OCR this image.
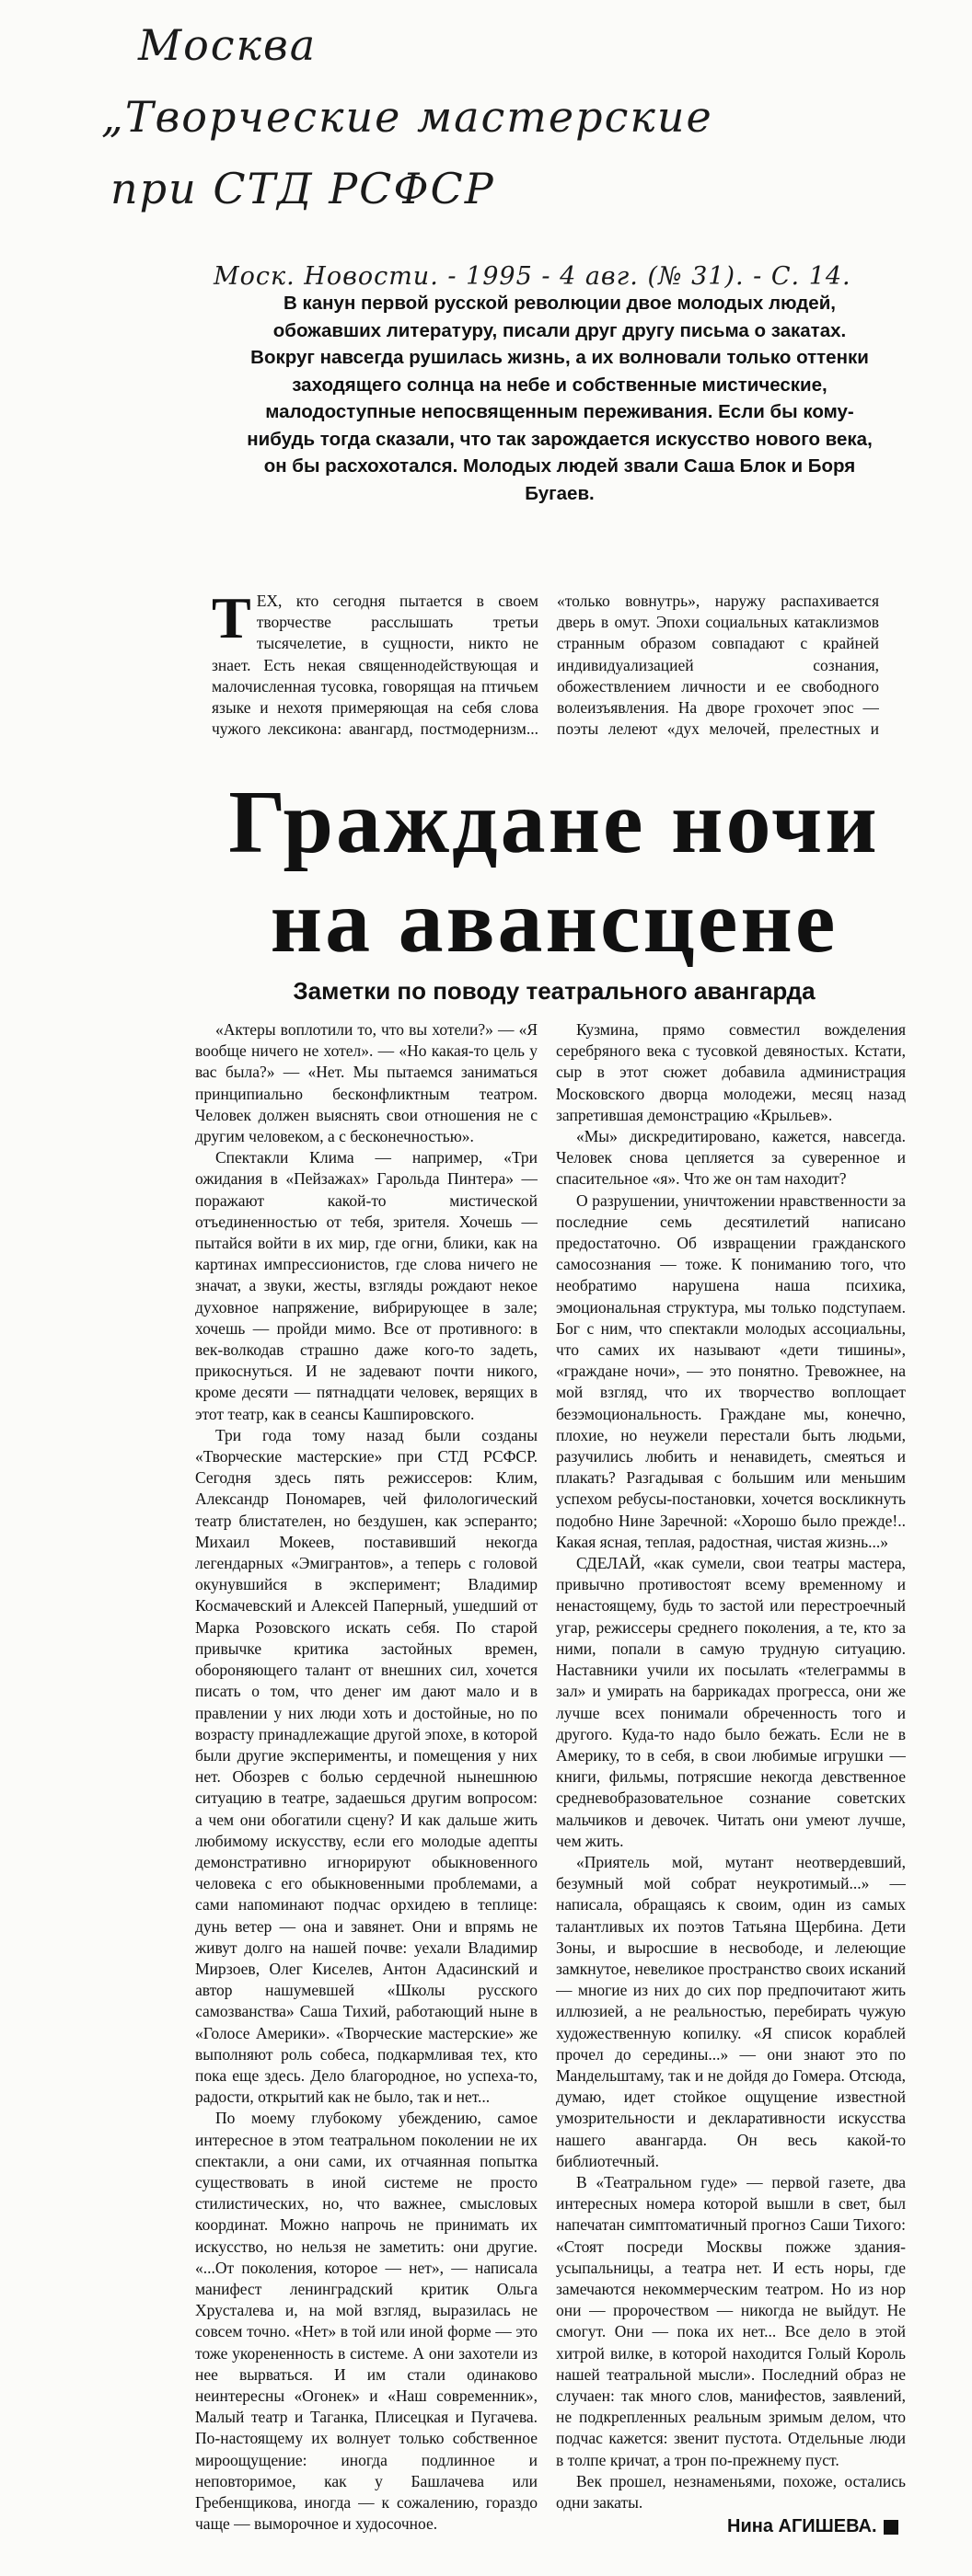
Москва
„Творческие мастерские
при СТД РСФСР
Моск. Новости. - 1995 - 4 авг. (№ 31). - С. 14.
В канун первой русской революции двое молодых людей, обожавших литературу, писали друг другу письма о закатах. Вокруг навсегда рушилась жизнь, а их волновали только оттенки заходящего солнца на небе и собственные мистические, малодоступные непосвященным переживания. Если бы кому-нибудь тогда сказали, что так зарождается искусство нового века, он бы расхохотался. Молодых людей звали Саша Блок и Боря Бугаев.

ТЕХ, кто сегодня пытается в своем творчестве расслышать третьи тысячелетие, в сущности, никто не знает. Есть некая священнодействующая и малочисленная тусовка, говорящая на птичьем языке и нехотя примеряющая на себя слова чужого лексикона: авангард, постмодернизм...

«только вовнутрь», наружу распахивается дверь в омут. Эпохи социальных катаклизмов странным образом совпадают с крайней индивидуализацией сознания, обожествлением личности и ее свободного волеизъявления. На дворе грохочет эпос — поэты лелеют «дух мелочей, прелестных и

Граждане ночи
на авансцене
Заметки по поводу театрального авангарда

«Актеры воплотили то, что вы хотели?» — «Я вообще ничего не хотел». — «Но какая-то цель у вас была?» — «Нет. Мы пытаемся заниматься принципиально бесконфликтным театром. Человек должен выяснять свои отношения не с другим человеком, а с бесконечностью».

Спектакли Клима — например, «Три ожидания в «Пейзажах» Гарольда Пинтера» — поражают какой-то мистической отъединенностью от тебя, зрителя. Хочешь — пытайся войти в их мир, где огни, блики, как на картинах импрессионистов, где слова ничего не значат, а звуки, жесты, взгляды рождают некое духовное напряжение, вибрирующее в зале; хочешь — пройди мимо. Все от противного: в век-волкодав страшно даже кого-то задеть, прикоснуться. И не задевают почти никого, кроме десяти — пятнадцати человек, верящих в этот театр, как в сеансы Кашпировского.

Три года тому назад были созданы «Творческие мастерские» при СТД РСФСР. Сегодня здесь пять режиссеров: Клим, Александр Пономарев, чей филологический театр блистателен, но бездушен, как эсперанто; Михаил Мокеев, поставивший некогда легендарных «Эмигрантов», а теперь с головой окунувшийся в эксперимент; Владимир Космачевский и Алексей Паперный, ушедший от Марка Розовского искать себя. По старой привычке критика застойных времен, обороняющего талант от внешних сил, хочется писать о том, что денег им дают мало и в правлении у них люди хоть и достойные, но по возрасту принадлежащие другой эпохе, в которой были другие эксперименты, и помещения у них нет. Обозрев с болью сердечной нынешнюю ситуацию в театре, задаешься другим вопросом: а чем они обогатили сцену? И как дальше жить любимому искусству, если его молодые адепты демонстративно игнорируют обыкновенного человека с его обыкновенными проблемами, а сами напоминают подчас орхидею в теплице: дунь ветер — она и завянет. Они и впрямь не живут долго на нашей почве: уехали Владимир Мирзоев, Олег Киселев, Антон Адасинский и автор нашумевшей «Школы русского самозванства» Саша Тихий, работающий ныне в «Голосе Америки». «Творческие мастерские» же выполняют роль собеса, подкармливая тех, кто пока еще здесь. Дело благородное, но успеха-то, радости, открытий как не было, так и нет...

По моему глубокому убеждению, самое интересное в этом театральном поколении не их спектакли, а они сами, их отчаянная попытка существовать в иной системе не просто стилистических, но, что важнее, смысловых координат. Можно напрочь не принимать их искусство, но нельзя не заметить: они другие. «...От поколения, которое — нет», — написала манифест ленинградский критик Ольга Хрусталева и, на мой взгляд, выразилась не совсем точно. «Нет» в той или иной форме — это тоже укорененность в системе. А они захотели из нее вырваться. И им стали одинаково неинтересны «Огонек» и «Наш современник», Малый театр и Таганка, Плисецкая и Пугачева. По-настоящему их волнует только собственное мироощущение: иногда подлинное и неповторимое, как у Башлачева или Гребенщикова, иногда — к сожалению, гораздо чаще — выморочное и худосочное.

Кузмина, прямо совместил вожделения серебряного века с тусовкой девяностых. Кстати, сыр в этот сюжет добавила администрация Московского дворца молодежи, месяц назад запретившая демонстрацию «Крыльев».

«Мы» дискредитировано, кажется, навсегда. Человек снова цепляется за суверенное и спасительное «я». Что же он там находит?

О разрушении, уничтожении нравственности за последние семь десятилетий написано предостаточно. Об извращении гражданского самосознания — тоже. К пониманию того, что необратимо нарушена наша психика, эмоциональная структура, мы только подступаем. Бог с ним, что спектакли молодых ассоциальны, что самих их называют «дети тишины», «граждане ночи», — это понятно. Тревожнее, на мой взгляд, что их творчество воплощает безэмоциональность. Граждане мы, конечно, плохие, но неужели перестали быть людьми, разучились любить и ненавидеть, смеяться и плакать? Разгадывая с большим или меньшим успехом ребусы-постановки, хочется воскликнуть подобно Нине Заречной: «Хорошо было прежде!.. Какая ясная, теплая, радостная, чистая жизнь...»

СДЕЛАЙ, «как сумели, свои театры мастера, привычно противостоят всему временному и ненастоящему, будь то застой или перестроечный угар, режиссеры среднего поколения, а те, кто за ними, попали в самую трудную ситуацию. Наставники учили их посылать «телеграммы в зал» и умирать на баррикадах прогресса, они же лучше всех понимали обреченность того и другого. Куда-то надо было бежать. Если не в Америку, то в себя, в свои любимые игрушки — книги, фильмы, потрясшие некогда девственное средневобразовательное сознание советских мальчиков и девочек. Читать они умеют лучше, чем жить.

«Приятель мой, мутант неотвердевший, безумный мой собрат неукротимый...» — написала, обращаясь к своим, один из самых талантливых их поэтов Татьяна Щербина. Дети Зоны, и выросшие в несвободе, и лелеющие замкнутое, невеликое пространство своих исканий — многие из них до сих пор предпочитают жить иллюзией, а не реальностью, перебирать чужую художественную копилку. «Я список кораблей прочел до середины...» — они знают это по Мандельштаму, так и не дойдя до Гомера. Отсюда, думаю, идет стойкое ощущение известной умозрительности и декларативности искусства нашего авангарда. Он весь какой-то библиотечный.

В «Театральном гуде» — первой газете, два интересных номера которой вышли в свет, был напечатан симптоматичный прогноз Саши Тихого: «Стоят посреди Москвы пожже здания-усыпальницы, а театра нет. И есть норы, где замечаются некоммерческим театром. Но из нор они — пророчеством — никогда не выйдут. Не смогут. Они — пока их нет... Все дело в этой хитрой вилке, в которой находится Голый Король нашей театральной мысли». Последний образ не случаен: так много слов, манифестов, заявлений, не подкрепленных реальным зримым делом, что подчас кажется: звенит пустота. Отдельные люди в толпе кричат, а трон по-прежнему пуст.

Век прошел, незнаменьями, похоже, остались одни закаты.

Нина АГИШЕВА.
